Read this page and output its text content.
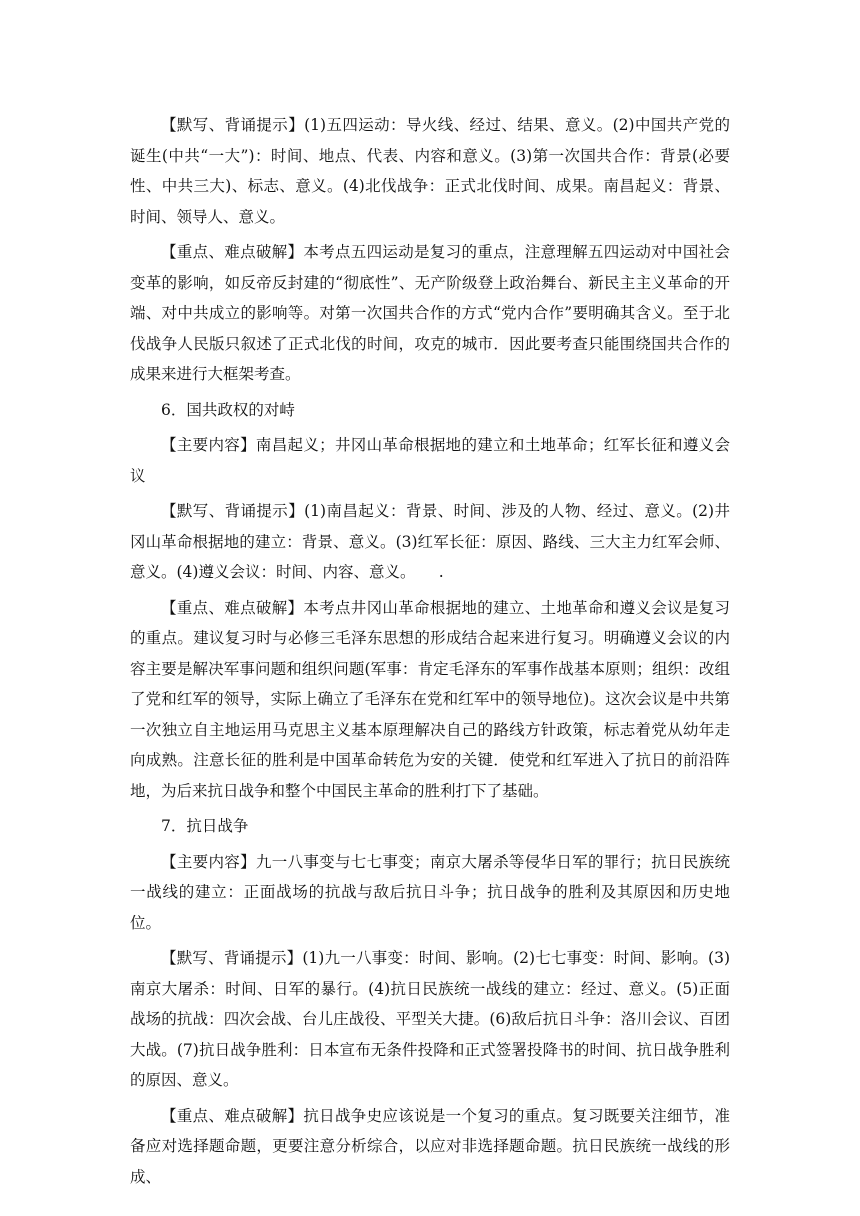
【默写、背诵提示】(1)五四运动：导火线、经过、结果、意义。(2)中国共产党的诞生(中共“一大”)：时间、地点、代表、内容和意义。(3)第一次国共合作：背景(必要性、中共三大)、标志、意义。(4)北伐战争：正式北伐时间、成果。南昌起义：背景、时间、领导人、意义。

【重点、难点破解】本考点五四运动是复习的重点，注意理解五四运动对中国社会变革的影响，如反帝反封建的“彻底性”、无产阶级登上政治舞台、新民主主义革命的开端、对中共成立的影响等。对第一次国共合作的方式“党内合作”要明确其含义。至于北伐战争人民版只叙述了正式北伐的时间，攻克的城市．因此要考查只能围绕国共合作的成果来进行大框架考查。

6．国共政权的对峙

【主要内容】南昌起义；井冈山革命根据地的建立和土地革命；红军长征和遵义会议

【默写、背诵提示】(1)南昌起义：背景、时间、涉及的人物、经过、意义。(2)井冈山革命根据地的建立：背景、意义。(3)红军长征：原因、路线、三大主力红军会师、意义。(4)遵义会议：时间、内容、意义。　　.

【重点、难点破解】本考点井冈山革命根据地的建立、土地革命和遵义会议是复习的重点。建议复习时与必修三毛泽东思想的形成结合起来进行复习。明确遵义会议的内容主要是解决军事问题和组织问题(军事：肯定毛泽东的军事作战基本原则；组织：改组了党和红军的领导，实际上确立了毛泽东在党和红军中的领导地位)。这次会议是中共第一次独立自主地运用马克思主义基本原理解决自己的路线方针政策，标志着党从幼年走向成熟。注意长征的胜利是中国革命转危为安的关键．使党和红军进入了抗日的前沿阵地，为后来抗日战争和整个中国民主革命的胜利打下了基础。

7．抗日战争

【主要内容】九一八事变与七七事变；南京大屠杀等侵华日军的罪行；抗日民族统一战线的建立：正面战场的抗战与敌后抗日斗争；抗日战争的胜利及其原因和历史地位。

【默写、背诵提示】(1)九一八事变：时间、影响。(2)七七事变：时间、影响。(3)南京大屠杀：时间、日军的暴行。(4)抗日民族统一战线的建立：经过、意义。(5)正面战场的抗战：四次会战、台儿庄战役、平型关大捷。(6)敌后抗日斗争：洛川会议、百团大战。(7)抗日战争胜利：日本宣布无条件投降和正式签署投降书的时间、抗日战争胜利的原因、意义。

【重点、难点破解】抗日战争史应该说是一个复习的重点。复习既要关注细节，准备应对选择题命题，更要注意分析综合，以应对非选择题命题。抗日民族统一战线的形成、
